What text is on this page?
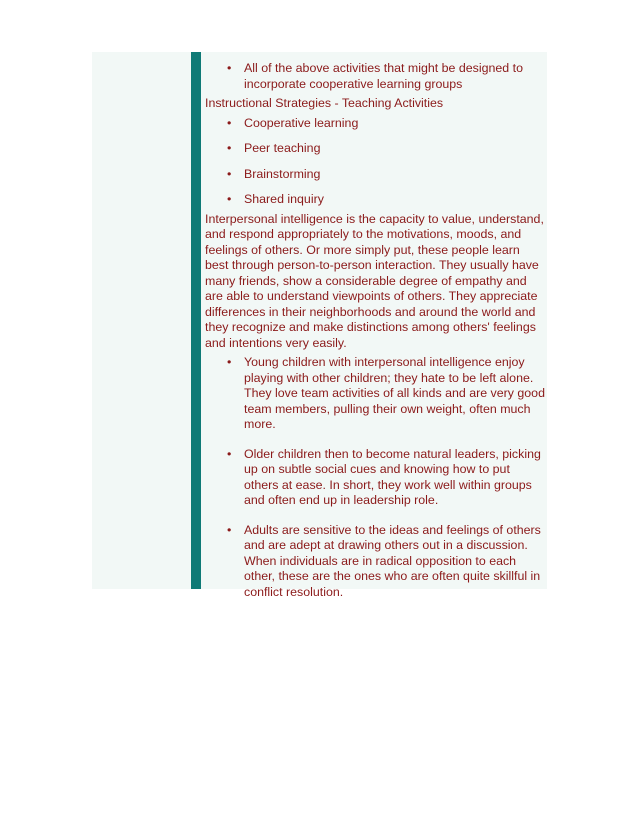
• All of the above activities that might be designed to incorporate cooperative learning groups

Instructional Strategies - Teaching Activities

• Cooperative learning
• Peer teaching
• Brainstorming
• Shared inquiry

Interpersonal intelligence is the capacity to value, understand, and respond appropriately to the motivations, moods, and feelings of others. Or more simply put, these people learn best through person-to-person interaction. They usually have many friends, show a considerable degree of empathy and are able to understand viewpoints of others. They appreciate differences in their neighborhoods and around the world and they recognize and make distinctions among others' feelings and intentions very easily.

• Young children with interpersonal intelligence enjoy playing with other children; they hate to be left alone. They love team activities of all kinds and are very good team members, pulling their own weight, often much more.
• Older children then to become natural leaders, picking up on subtle social cues and knowing how to put others at ease. In short, they work well within groups and often end up in leadership role.
• Adults are sensitive to the ideas and feelings of others and are adept at drawing others out in a discussion. When individuals are in radical opposition to each other, these are the ones who are often quite skillful in conflict resolution.
